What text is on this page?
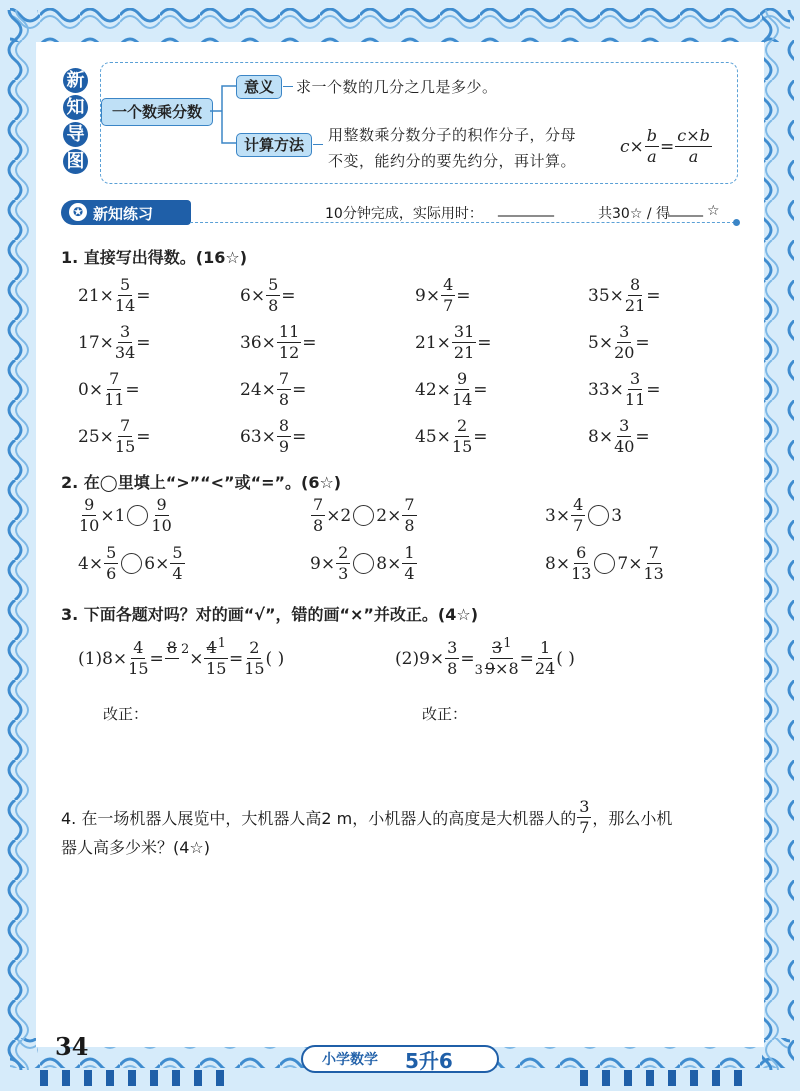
新
知
导
图
一个数乘分数
意义	求一个数的几分之几是多少。
计算方法
用整数乘分数分子的积作分子，分母
不变，能约分的要先约分，再计算。
$c\times \frac{b}{a} = \frac{c\times b}{a}$
✪ 新知练习	10分钟完成，实际用时： ________	共30☆ / 得
_____ ☆
1. 直接写出得数。(16☆)
$21\times \frac{5}{14}$ =	$6\times \frac{5}{8}$ =	$9\times \frac{4}{7}$ =	$35\times \frac{8}{21}$ =
$17\times \frac{3}{34}$ =	$36\times \frac{11}{12}$ =	$21\times \frac{31}{21}$ =	$5\times \frac{3}{20}$ =
$0\times \frac{7}{11}$ =	$24\times \frac{7}{8}$ =	$42\times \frac{9}{14}$ =	$33\times \frac{3}{11}$ =
$25\times \frac{7}{15}$ =	$63\times \frac{8}{9}$ =	$45\times \frac{2}{15}$ =	$8\times \frac{3}{40}$ =
2. 在◯里填上“>”“<”或“=”。(6☆)
$\frac{9}{10} \times 1 \frac{9}{10}$	$\frac{7}{8} \times 2$ $2\times \frac{7}{8}$	$3\times \frac{4}{7} 3$
$4\times \frac{5}{6} 6\times \frac{5}{4}$	$9\times \frac{2}{3} 8\times \frac{1}{4}$	$8\times \frac{6}{13} 7\times \frac{7}{13}$
3. 下面各题对吗？对的画“√”，错的画“×”并改正。(4☆)
$(1)8\times \frac{4}{15}$ =
8
$2 \times \frac{4^1}{15} = \frac{2}{15}$ ( )	$(2)9\times \frac{3}{8}$ =
$3 \frac{3^1}{9\times 8} = \frac{1}{24}$ ( )
改正：	改正：
4. 在一场机器人展览中，大机器人高2 m，小机器人的高度是大机器人的 $\frac{3}{7}$ ，那么小机
器人高多少米？(4☆)
34	小学数学 5升6
